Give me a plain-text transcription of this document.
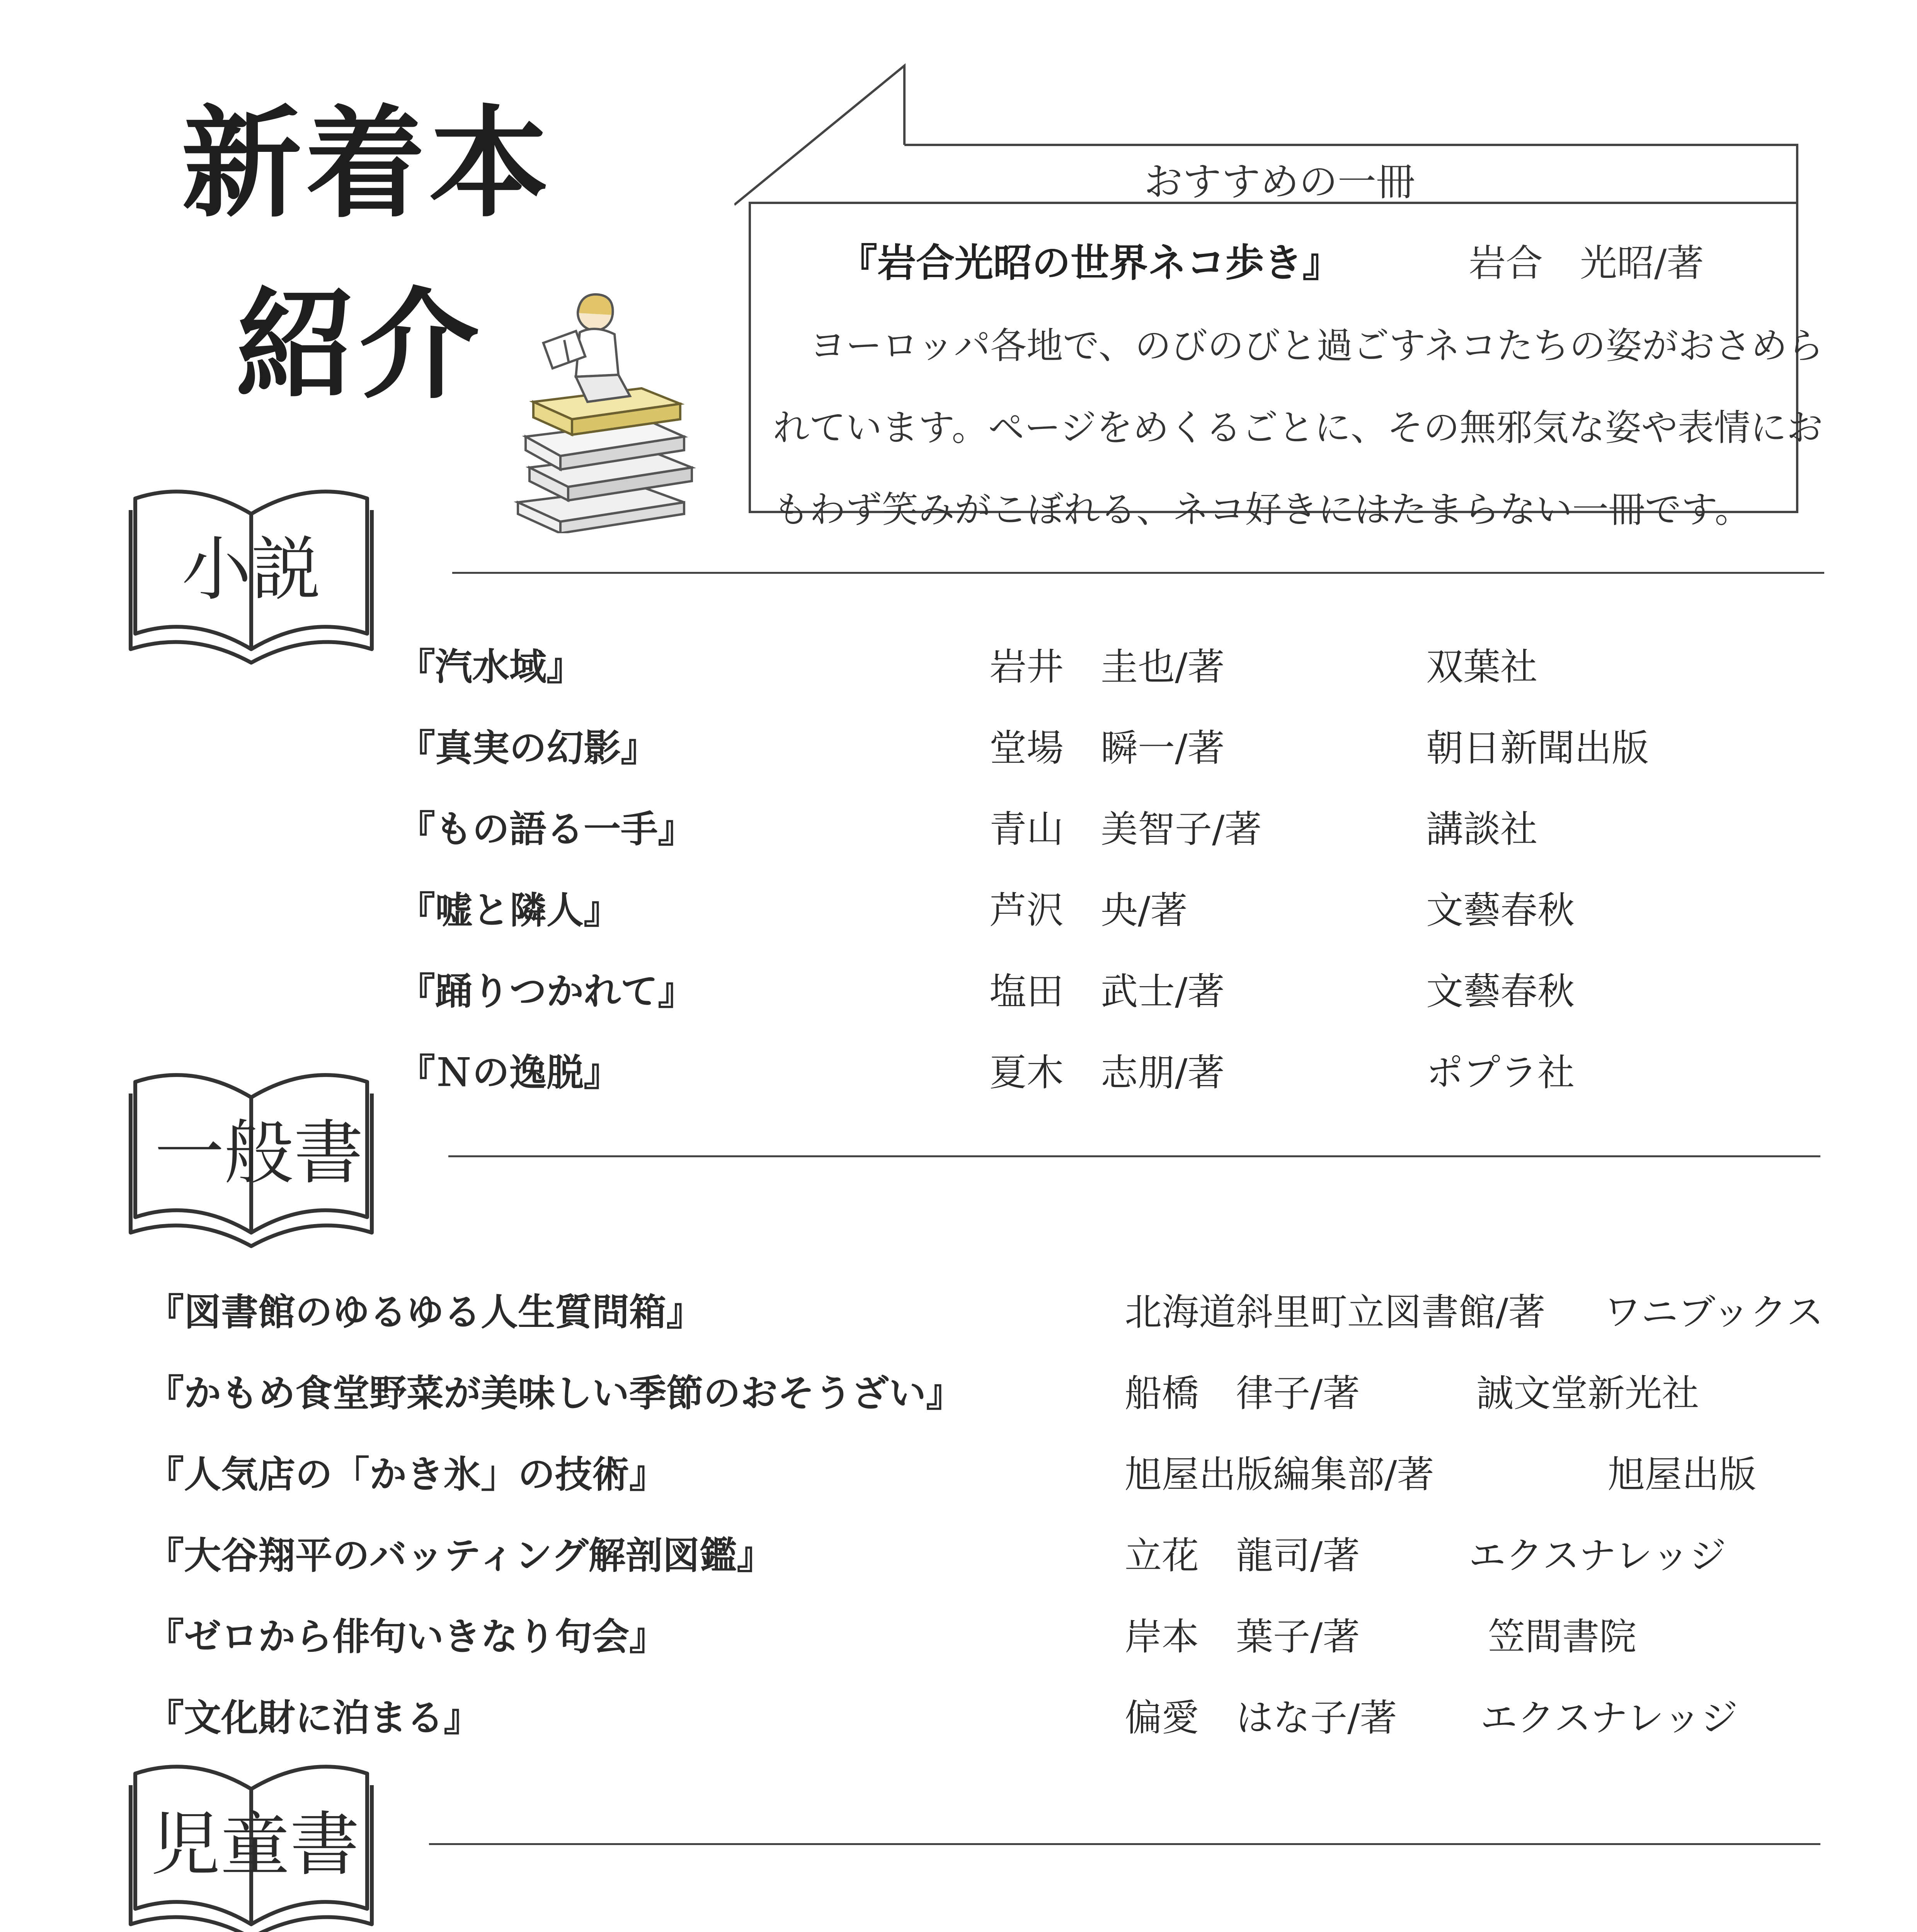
新着本
紹介
おすすめの一冊
『岩合光昭の世界ネコ歩き』	岩合　光昭/著
　ヨーロッパ各地で、のびのびと過ごすネコたちの姿がおさめら
れています。ページをめくるごとに、その無邪気な姿や表情にお
もわず笑みがこぼれる、ネコ好きにはたまらない一冊です。
小説
『汽水域』	岩井　圭也/著	双葉社
『真実の幻影』	堂場　瞬一/著	朝日新聞出版
『もの語る一手』	青山　美智子/著	講談社
『嘘と隣人』	芦沢　央/著	文藝春秋
『踊りつかれて』	塩田　武士/著	文藝春秋
『Ｎの逸脱』	夏木　志朋/著	ポプラ社
一般書
『図書館のゆるゆる人生質問箱』	北海道斜里町立図書館/著 ワニブックス
『かもめ食堂野菜が美味しい季節のおそうざい』	船橋　律子/著	誠文堂新光社
『人気店の「かき氷」の技術』	旭屋出版編集部/著	旭屋出版
『大谷翔平のバッティング解剖図鑑』	立花　龍司/著	エクスナレッジ
『ゼロから俳句いきなり句会』	岸本　葉子/著	笠間書院
『文化財に泊まる』	偏愛　はな子/著 エクスナレッジ
児童書
